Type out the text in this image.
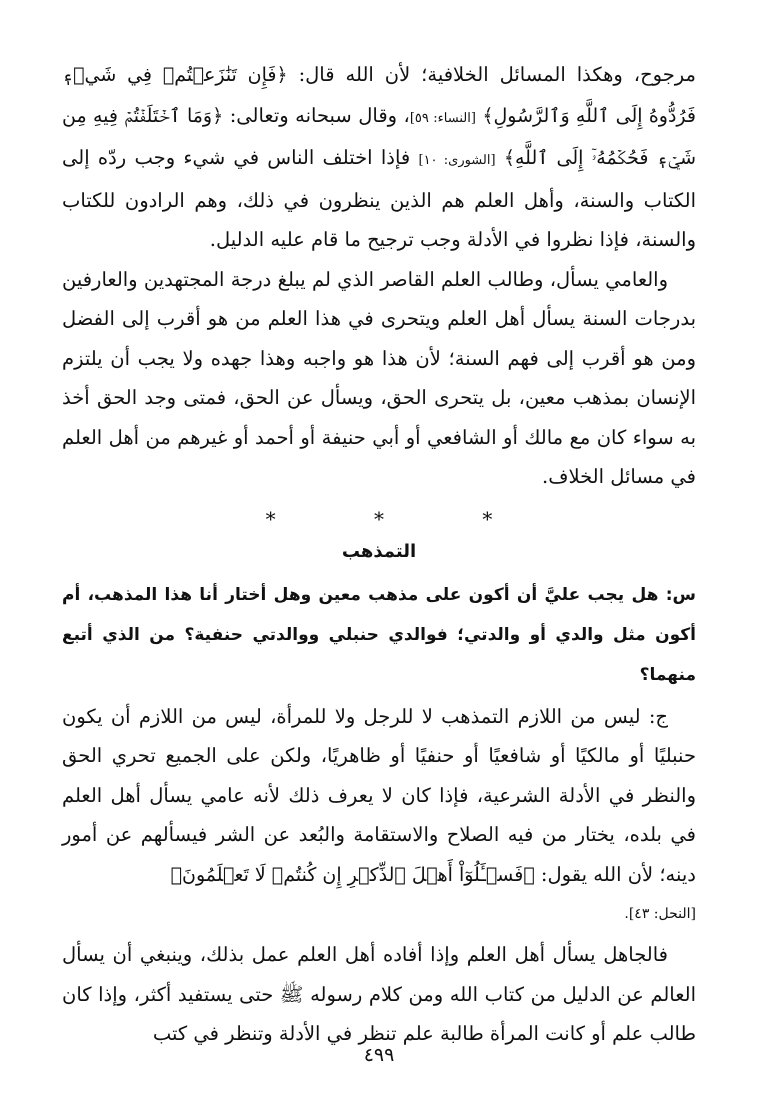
مرجوح، وهكذا المسائل الخلافية؛ لأن الله قال: ﴿فَإِن تَنَٰزَعۡتُمۡ فِي شَيۡءٖ فَرُدُّوهُ إِلَى ٱللَّهِ وَٱلرَّسُولِ﴾ [النساء: ٥٩]، وقال سبحانه وتعالى: ﴿وَمَا ٱخۡتَلَفۡتُمۡ فِيهِ مِن شَيۡءٖ فَحُكۡمُهُۥٓ إِلَى ٱللَّهِ﴾ [الشورى: ١٠] فإذا اختلف الناس في شيء وجب ردّه إلى الكتاب والسنة، وأهل العلم هم الذين ينظرون في ذلك، وهم الرادون للكتاب والسنة، فإذا نظروا في الأدلة وجب ترجيح ما قام عليه الدليل.

والعامي يسأل، وطالب العلم القاصر الذي لم يبلغ درجة المجتهدين والعارفين بدرجات السنة يسأل أهل العلم ويتحرى في هذا العلم من هو أقرب إلى الفضل ومن هو أقرب إلى فهم السنة؛ لأن هذا هو واجبه وهذا جهده ولا يجب أن يلتزم الإنسان بمذهب معين، بل يتحرى الحق، ويسأل عن الحق، فمتى وجد الحق أخذ به سواء كان مع مالك أو الشافعي أو أبي حنيفة أو أحمد أو غيرهم من أهل العلم في مسائل الخلاف.

* * *
التمذهب

س: هل يجب عليَّ أن أكون على مذهب معين وهل أختار أنا هذا المذهب، أم أكون مثل والدي أو والدتي؛ فوالدي حنبلي ووالدتي حنفية؟ من الذي أتبع منهما؟

ج: ليس من اللازم التمذهب لا للرجل ولا للمرأة، ليس من اللازم أن يكون حنبليًا أو مالكيًا أو شافعيًا أو حنفيًا أو ظاهريًا، ولكن على الجميع تحري الحق والنظر في الأدلة الشرعية، فإذا كان لا يعرف ذلك لأنه عامي يسأل أهل العلم في بلده، يختار من فيه الصلاح والاستقامة والبُعد عن الشر فيسألهم عن أمور دينه؛ لأن الله يقول: ﴿فَسۡـَٔلُوٓاْ أَهۡلَ ٱلذِّكۡرِ إِن كُنتُمۡ لَا تَعۡلَمُونَ﴾

[النحل: ٤٣].

فالجاهل يسأل أهل العلم وإذا أفاده أهل العلم عمل بذلك، وينبغي أن يسأل العالم عن الدليل من كتاب الله ومن كلام رسوله ﷺ حتى يستفيد أكثر، وإذا كان طالب علم أو كانت المرأة طالبة علم تنظر في الأدلة وتنظر في كتب

٤٩٩
